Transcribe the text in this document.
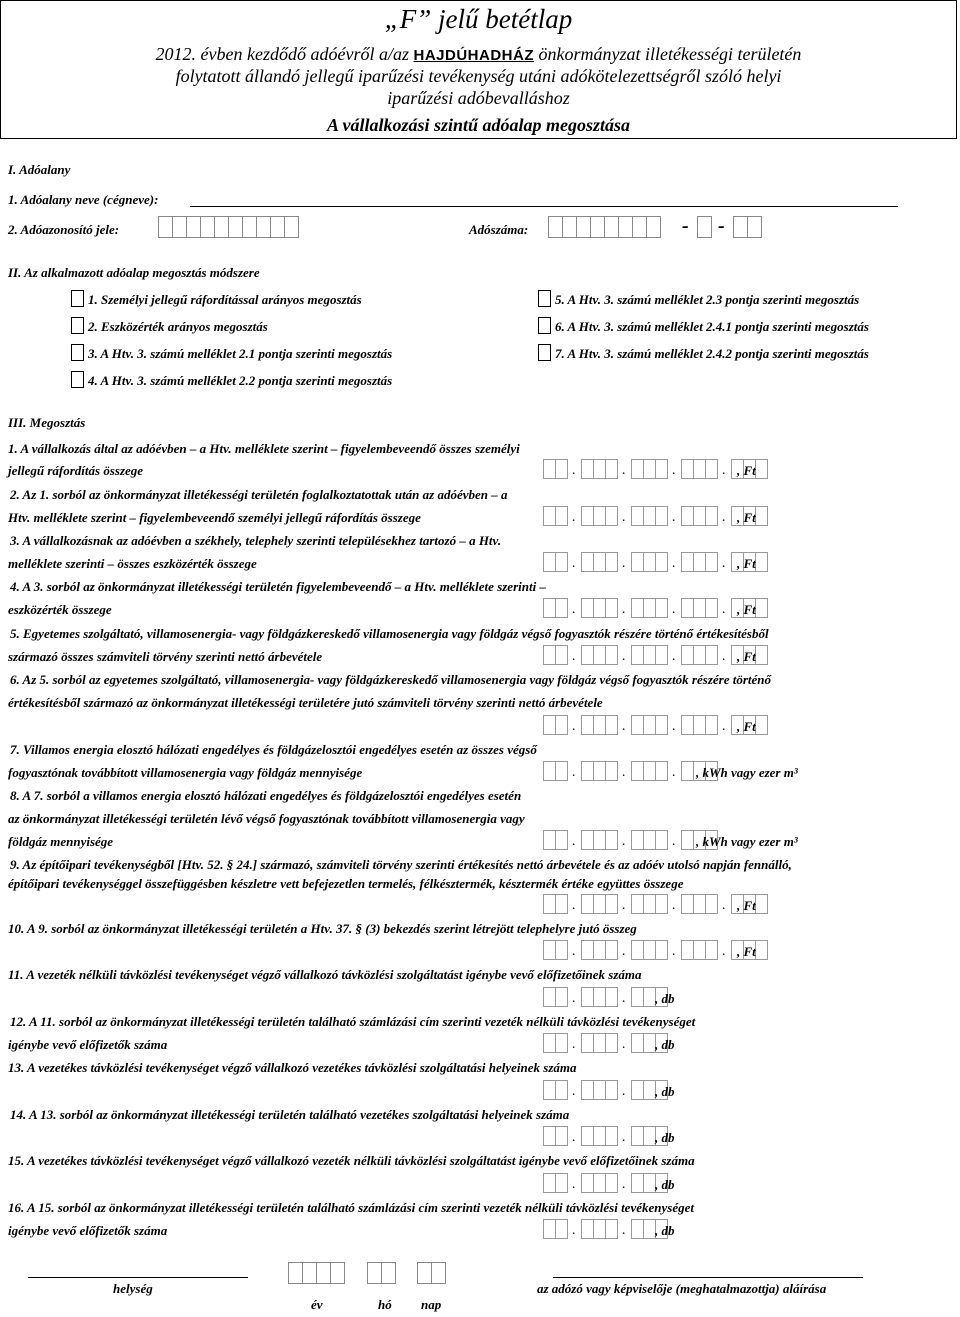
„F” jelű betétlap
2012. évben kezdődő adóévről a/az HAJDÚHADHÁZ önkormányzat illetékességi területén
folytatott állandó jellegű iparűzési tevékenység utáni adókötelezettségről szóló helyi
iparűzési adóbevalláshoz
A vállalkozási szintű adóalap megosztása
I. Adóalany
1. Adóalany neve (cégneve):
2. Adóazonosító jele:	Adószáma:	- -
II. Az alkalmazott adóalap megosztás módszere
1. Személyi jellegű ráfordítással arányos megosztás
2. Eszközérték arányos megosztás
3. A Htv. 3. számú melléklet 2.1 pontja szerinti megosztás
4. A Htv. 3. számú melléklet 2.2 pontja szerinti megosztás
5. A Htv. 3. számú melléklet 2.3 pontja szerinti megosztás
6. A Htv. 3. számú melléklet 2.4.1 pontja szerinti megosztás
7. A Htv. 3. számú melléklet 2.4.2 pontja szerinti megosztás
III. Megosztás
1. A vállalkozás által az adóévben – a Htv. melléklete szerint – figyelembeveendő összes személyi
jellegű ráfordítás összege	.	.	.	. , Ft
2. Az 1. sorból az önkormányzat illetékességi területén foglalkoztatottak után az adóévben – a
Htv. melléklete szerint – figyelembeveendő személyi jellegű ráfordítás összege	.	.	.	. , Ft
3. A vállalkozásnak az adóévben a székhely, telephely szerinti településekhez tartozó – a Htv.
melléklete szerinti – összes eszközérték összege	.	.	.	. , Ft
4. A 3. sorból az önkormányzat illetékességi területén figyelembeveendő – a Htv. melléklete szerinti –
eszközérték összege	.	.	.	. , Ft
5. Egyetemes szolgáltató, villamosenergia- vagy földgázkereskedő villamosenergia vagy földgáz végső fogyasztók részére történő értékesítésből
származó összes számviteli törvény szerinti nettó árbevétele	.	.	.	. , Ft
6. Az 5. sorból az egyetemes szolgáltató, villamosenergia- vagy földgázkereskedő villamosenergia vagy földgáz végső fogyasztók részére történő
értékesítésből származó az önkormányzat illetékességi területére jutó számviteli törvény szerinti nettó árbevétele
.	.	.	. , Ft
7. Villamos energia elosztó hálózati engedélyes és földgázelosztói engedélyes esetén az összes végső
fogyasztónak továbbított villamosenergia vagy földgáz mennyisége	.	.	.	, kWh vagy ezer m³
8. A 7. sorból a villamos energia elosztó hálózati engedélyes és földgázelosztói engedélyes esetén
az önkormányzat illetékességi területén lévő végső fogyasztónak továbbított villamosenergia vagy
földgáz mennyisége	.	.	.	, kWh vagy ezer m³
9. Az építőipari tevékenységből [Htv. 52. § 24.] származó, számviteli törvény szerinti értékesítés nettó árbevétele és az adóév utolsó napján fennálló,
építőipari tevékenységgel összefüggésben készletre vett befejezetlen termelés, félkésztermék, késztermék értéke együttes összege
.	.	.	. , Ft
10. A 9. sorból az önkormányzat illetékességi területén a Htv. 37. § (3) bekezdés szerint létrejött telephelyre jutó összeg
.	.	.	. , Ft
11. A vezeték nélküli távközlési tevékenységet végző vállalkozó távközlési szolgáltatást igénybe vevő előfizetőinek száma
.	.	, db
12. A 11. sorból az önkormányzat illetékességi területén található számlázási cím szerinti vezeték nélküli távközlési tevékenységet
igénybe vevő előfizetők száma	.	.	, db
13. A vezetékes távközlési tevékenységet végző vállalkozó vezetékes távközlési szolgáltatási helyeinek száma
.	.	, db
14. A 13. sorból az önkormányzat illetékességi területén található vezetékes szolgáltatási helyeinek száma
.	.	, db
15. A vezetékes távközlési tevékenységet végző vállalkozó vezeték nélküli távközlési szolgáltatást igénybe vevő előfizetőinek száma
.	.	, db
16. A 15. sorból az önkormányzat illetékességi területén található számlázási cím szerinti vezeték nélküli távközlési tevékenységet
igénybe vevő előfizetők száma	.	.	, db
helység
év	hó nap
az adózó vagy képviselője (meghatalmazottja) aláírása
